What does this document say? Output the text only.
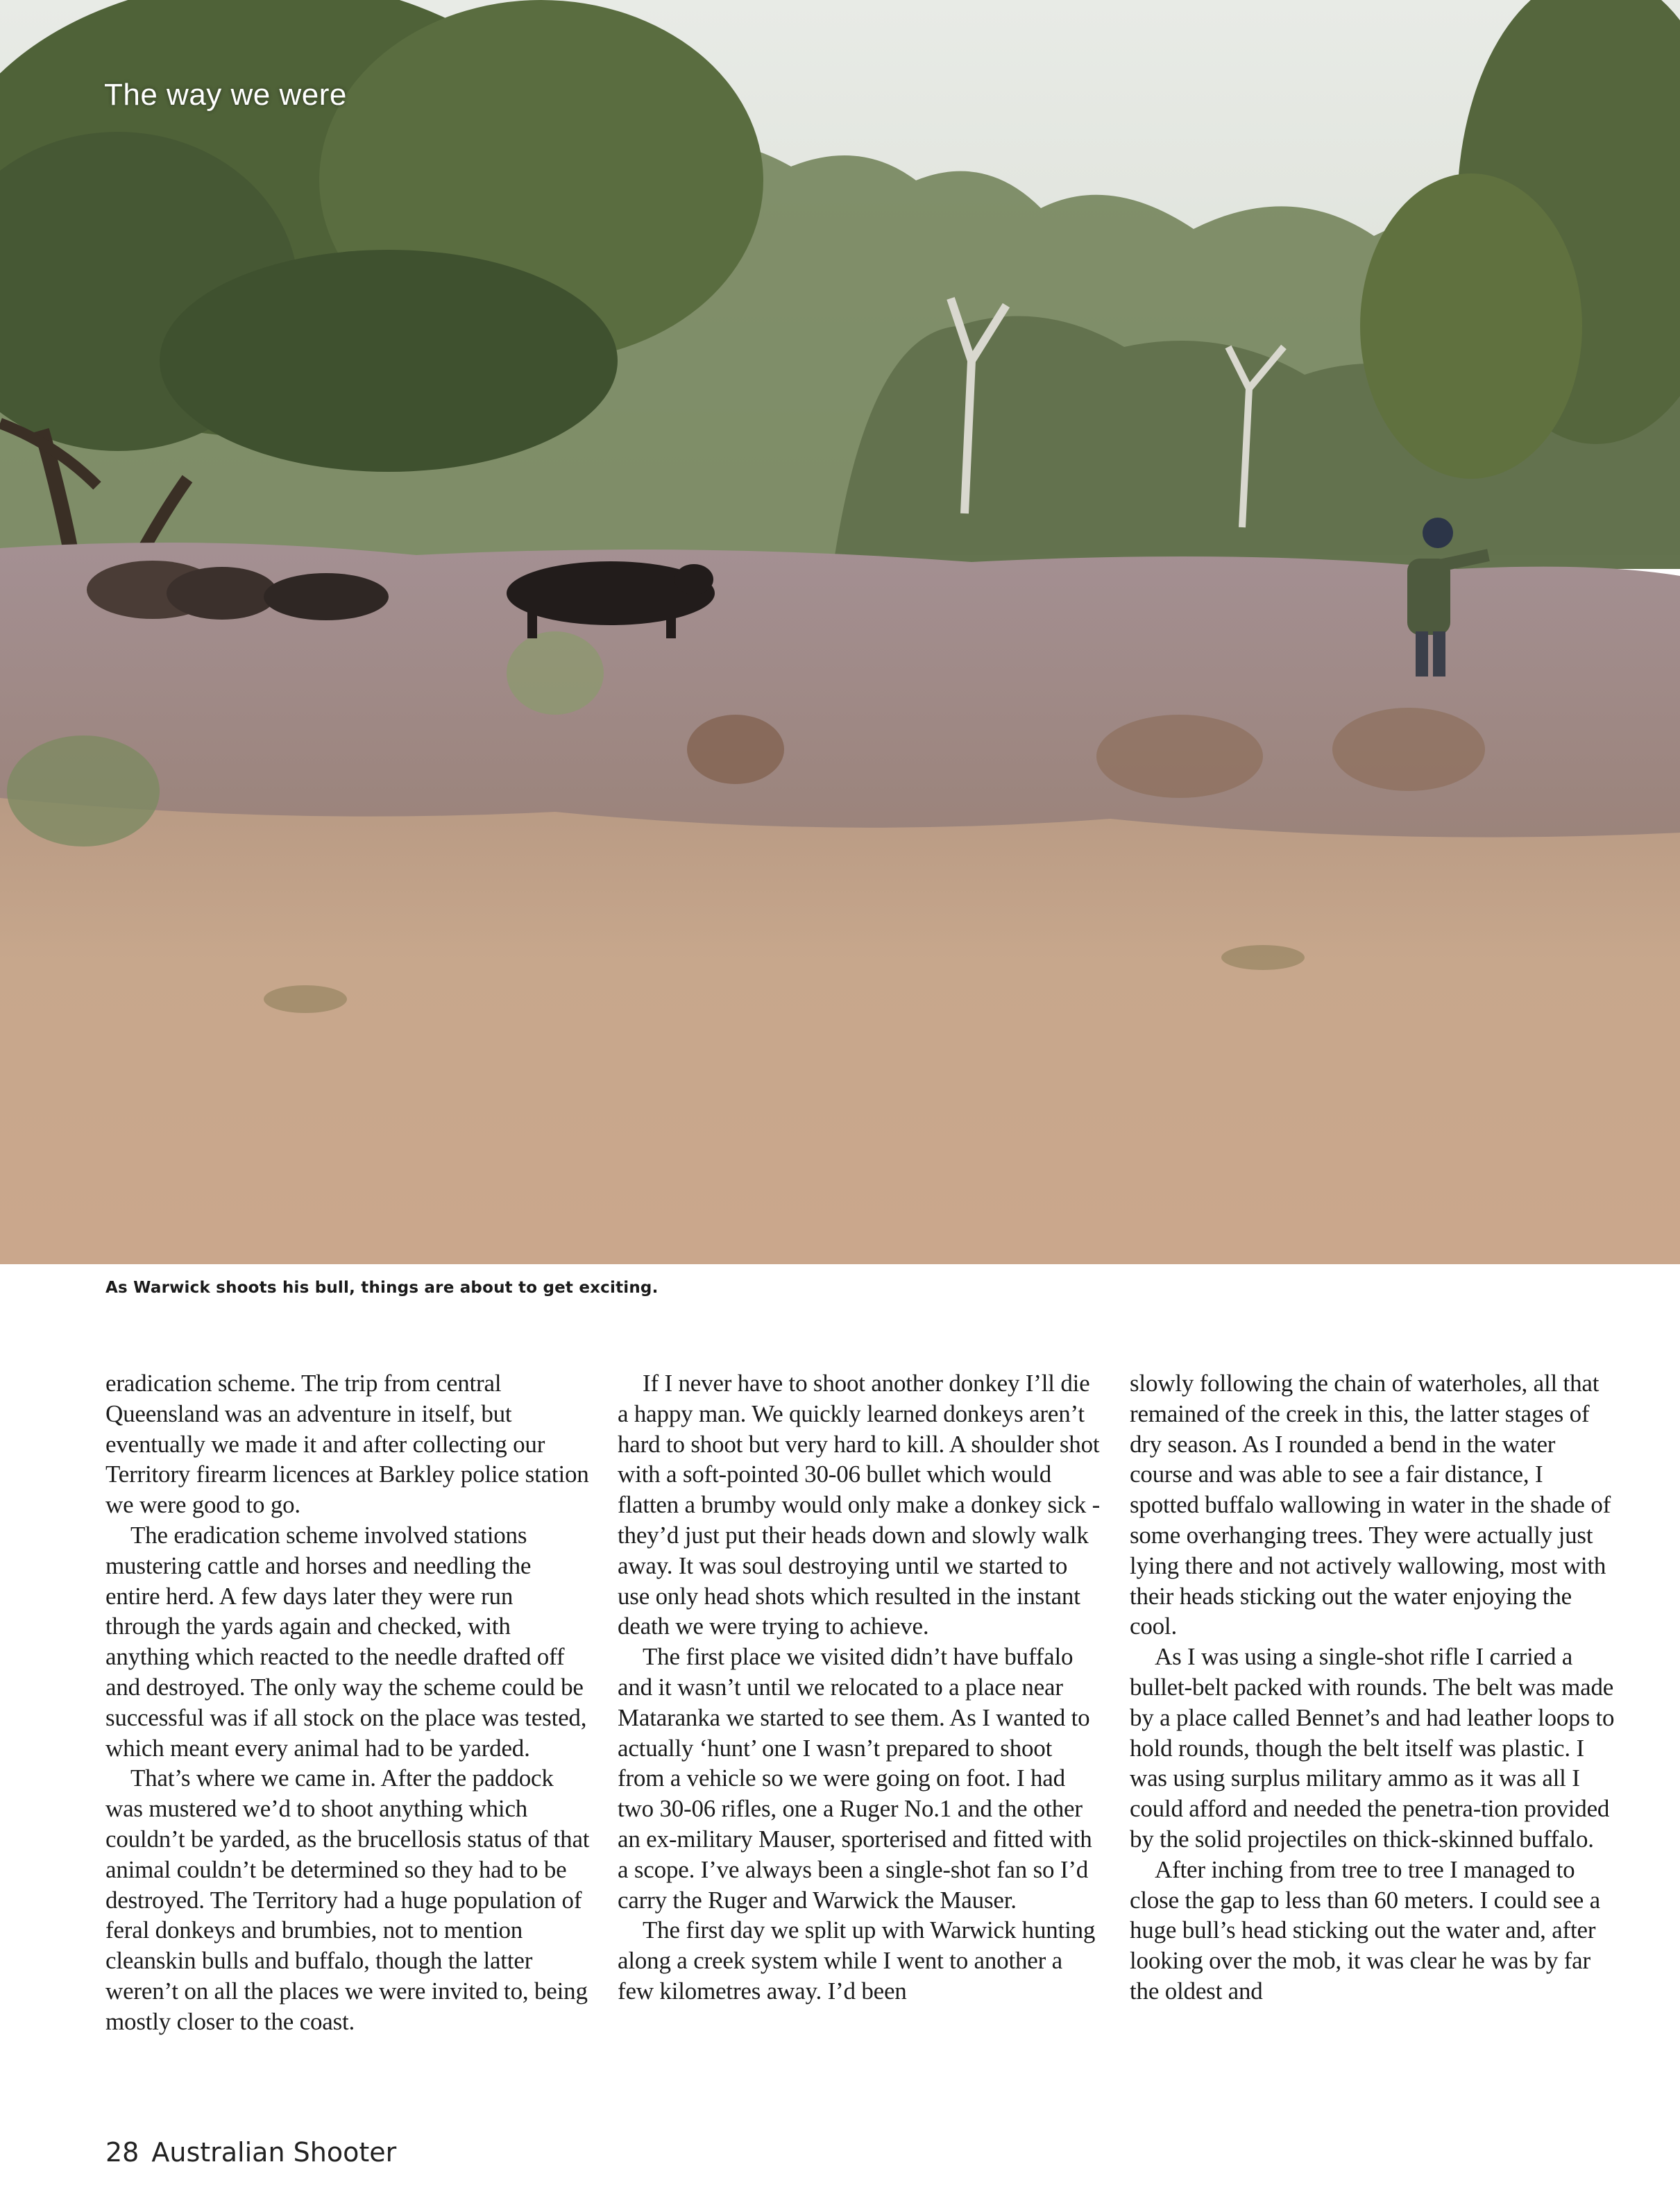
The way we were
As Warwick shoots his bull, things are about to get exciting.

eradication scheme. The trip from central Queensland was an adventure in itself, but eventually we made it and after collecting our Territory firearm licences at Barkley police station we were good to go.

The eradication scheme involved stations mustering cattle and horses and needling the entire herd. A few days later they were run through the yards again and checked, with anything which reacted to the needle drafted off and destroyed. The only way the scheme could be successful was if all stock on the place was tested, which meant every animal had to be yarded.

That’s where we came in. After the paddock was mustered we’d to shoot anything which couldn’t be yarded, as the brucellosis status of that animal couldn’t be determined so they had to be destroyed. The Territory had a huge population of feral donkeys and brumbies, not to mention cleanskin bulls and buffalo, though the latter weren’t on all the places we were invited to, being mostly closer to the coast.

If I never have to shoot another donkey I’ll die a happy man. We quickly learned donkeys aren’t hard to shoot but very hard to kill. A shoulder shot with a soft-pointed 30-06 bullet which would flatten a brumby would only make a donkey sick - they’d just put their heads down and slowly walk away. It was soul destroying until we started to use only head shots which resulted in the instant death we were trying to achieve.

The first place we visited didn’t have buffalo and it wasn’t until we relocated to a place near Mataranka we started to see them. As I wanted to actually ‘hunt’ one I wasn’t prepared to shoot from a vehicle so we were going on foot. I had two 30-06 rifles, one a Ruger No.1 and the other an ex-military Mauser, sporterised and fitted with a scope. I’ve always been a single-shot fan so I’d carry the Ruger and Warwick the Mauser.

The first day we split up with Warwick hunting along a creek system while I went to another a few kilometres away. I’d been

slowly following the chain of waterholes, all that remained of the creek in this, the latter stages of dry season. As I rounded a bend in the water course and was able to see a fair distance, I spotted buffalo wallowing in water in the shade of some overhanging trees. They were actually just lying there and not actively wallowing, most with their heads sticking out the water enjoying the cool.

As I was using a single-shot rifle I carried a bullet-belt packed with rounds. The belt was made by a place called Bennet’s and had leather loops to hold rounds, though the belt itself was plastic. I was using surplus military ammo as it was all I could afford and needed the penetra-tion provided by the solid projectiles on thick-skinned buffalo.

After inching from tree to tree I managed to close the gap to less than 60 meters. I could see a huge bull’s head sticking out the water and, after looking over the mob, it was clear he was by far the oldest and

28 Australian Shooter
